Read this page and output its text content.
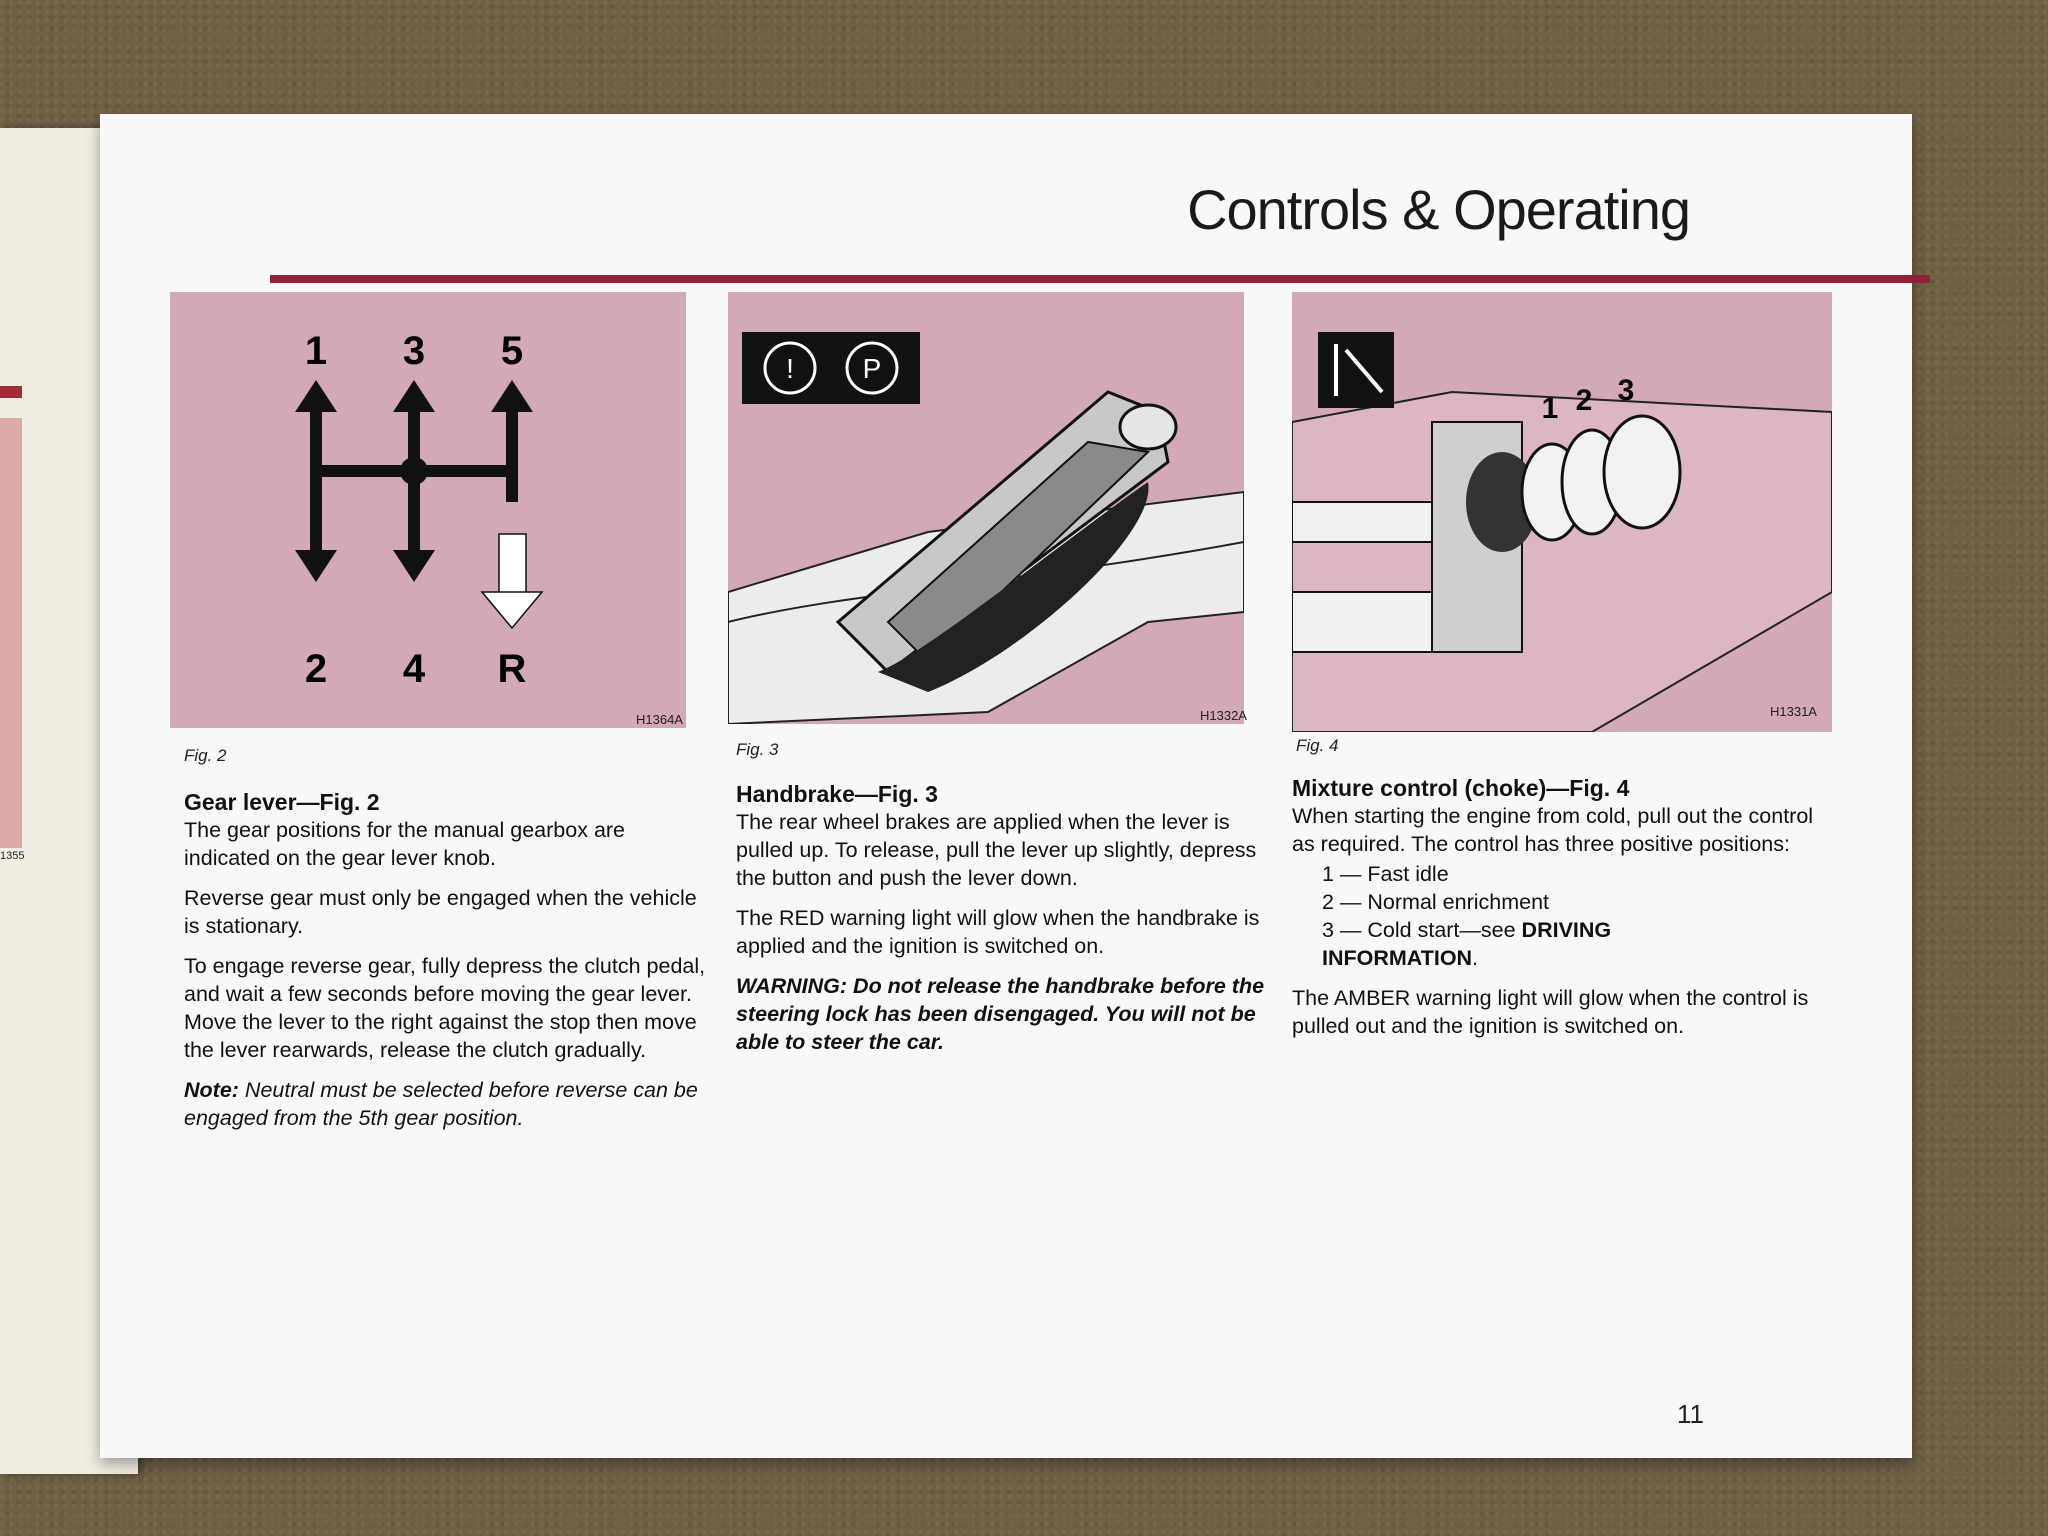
1355
Controls & Operating
1 3 5
2 4 R
H1364A
Fig. 2
! P
H1332A
Fig. 3
1 2 3
H1331A
Fig. 4
Gear lever—Fig. 2

The gear positions for the manual gearbox are indicated on the gear lever knob.

Reverse gear must only be engaged when the vehicle is stationary.

To engage reverse gear, fully depress the clutch pedal, and wait a few seconds before moving the gear lever. Move the lever to the right against the stop then move the lever rearwards, release the clutch gradually.

Note: Neutral must be selected before reverse can be engaged from the 5th gear position.

Handbrake—Fig. 3

The rear wheel brakes are applied when the lever is pulled up. To release, pull the lever up slightly, depress the button and push the lever down.

The RED warning light will glow when the handbrake is applied and the ignition is switched on.

WARNING: Do not release the handbrake before the steering lock has been disengaged. You will not be able to steer the car.

Mixture control (choke)—Fig. 4

When starting the engine from cold, pull out the control as required. The control has three positive positions:

1 — Fast idle
2 — Normal enrichment
3 — Cold start—see DRIVING
INFORMATION.

The AMBER warning light will glow when the control is pulled out and the ignition is switched on.

11
